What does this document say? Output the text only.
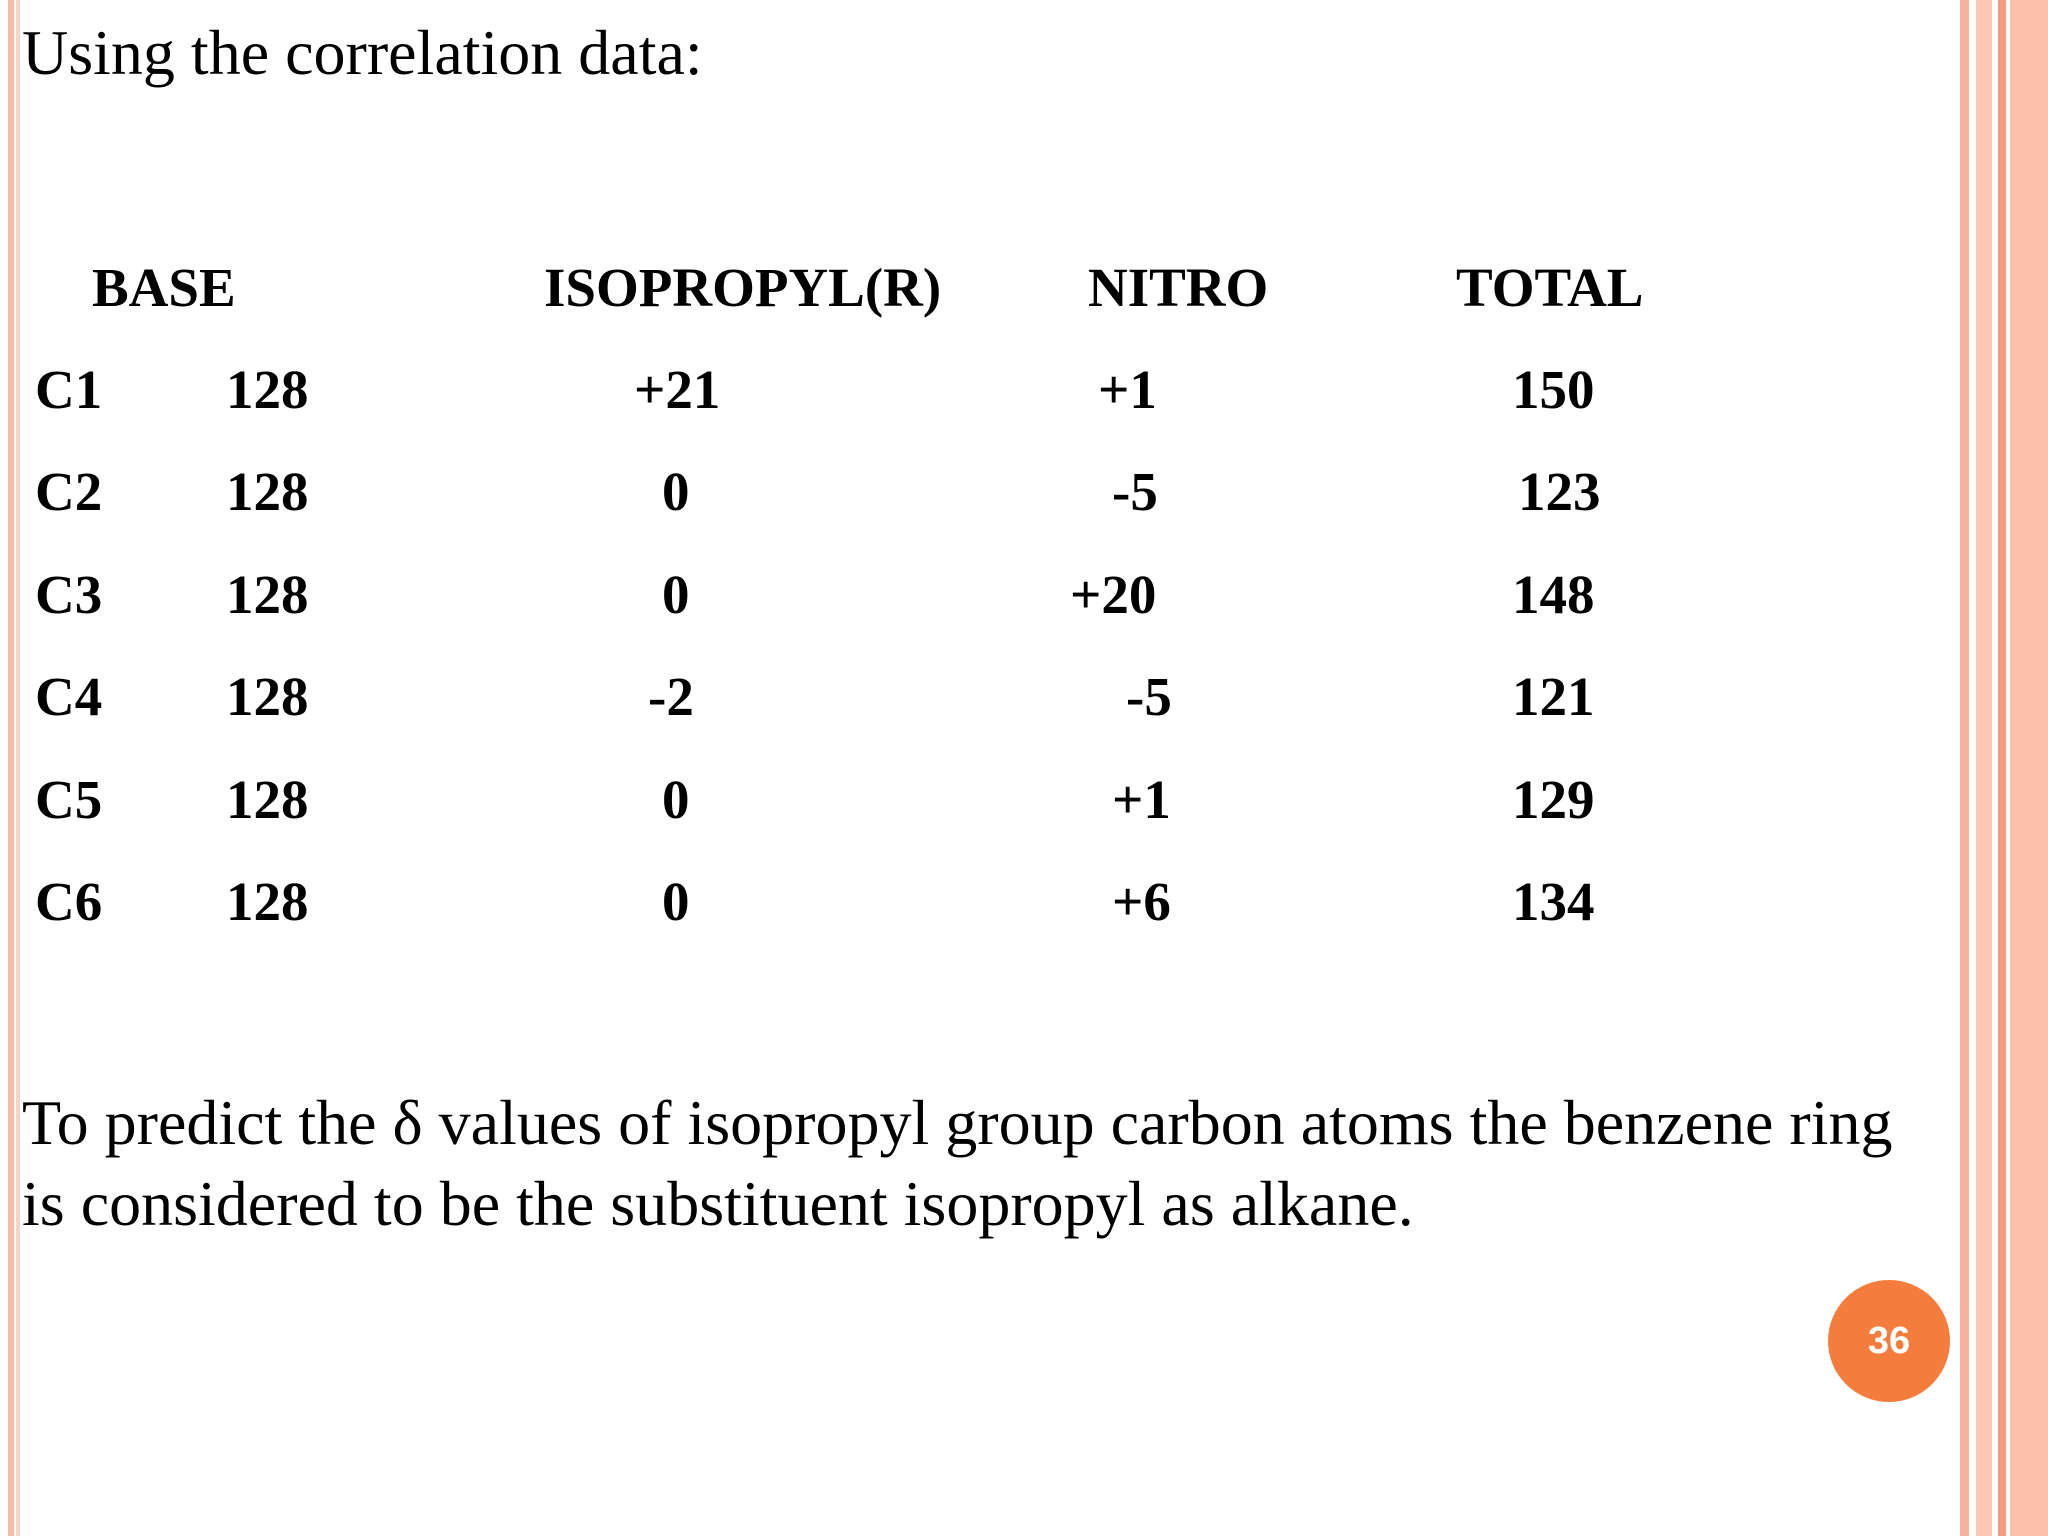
Using the correlation data:
BASE	ISOPROPYL(R)	NITRO	TOTAL
C1 128	+21	+1	150
C2 128	0	-5	123
C3 128	0	+20	148
C4 128	-2	-5	121
C5 128	0	+1	129
C6 128	0	+6	134
To predict the δ values of isopropyl group carbon atoms the benzene ring is considered to be the substituent isopropyl as alkane.
36
